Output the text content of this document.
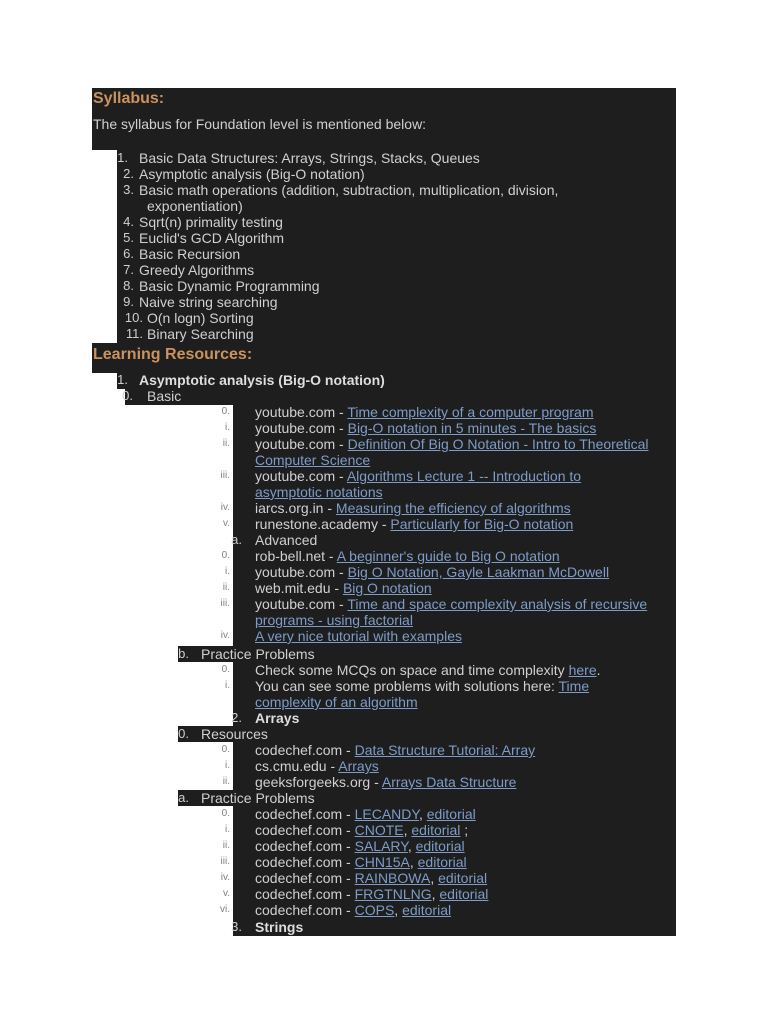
Syllabus:
The syllabus for Foundation level is mentioned below:
1. Basic Data Structures: Arrays, Strings, Stacks, Queues
2. Asymptotic analysis (Big-O notation)
3. Basic math operations (addition, subtraction, multiplication, division,
exponentiation)
4. Sqrt(n) primality testing
5. Euclid's GCD Algorithm
6. Basic Recursion
7. Greedy Algorithms
8. Basic Dynamic Programming
9. Naive string searching
10. O(n logn) Sorting
11. Binary Searching
Learning Resources:
1. Asymptotic analysis (Big-O notation)
0. Basic
0. youtube.com - Time complexity of a computer program
i. youtube.com - Big-O notation in 5 minutes - The basics
ii. youtube.com - Definition Of Big O Notation - Intro to Theoretical
Computer Science
iii. youtube.com - Algorithms Lecture 1 -- Introduction to
asymptotic notations
iv. iarcs.org.in - Measuring the efficiency of algorithms
v. runestone.academy - Particularly for Big-O notation
a. Advanced
0. rob-bell.net - A beginner's guide to Big O notation
i. youtube.com - Big O Notation, Gayle Laakman McDowell
ii. web.mit.edu - Big O notation
iii. youtube.com - Time and space complexity analysis of recursive
programs - using factorial
iv. A very nice tutorial with examples
b. Practice Problems
0. Check some MCQs on space and time complexity here.
i. You can see some problems with solutions here: Time
complexity of an algorithm
2. Arrays
0. Resources
0. codechef.com - Data Structure Tutorial: Array
i. cs.cmu.edu - Arrays
ii. geeksforgeeks.org - Arrays Data Structure
a. Practice Problems
0. codechef.com - LECANDY, editorial
i. codechef.com - CNOTE, editorial ;
ii. codechef.com - SALARY, editorial
iii. codechef.com - CHN15A, editorial
iv. codechef.com - RAINBOWA, editorial
v. codechef.com - FRGTNLNG, editorial
vi. codechef.com - COPS, editorial
3. Strings
